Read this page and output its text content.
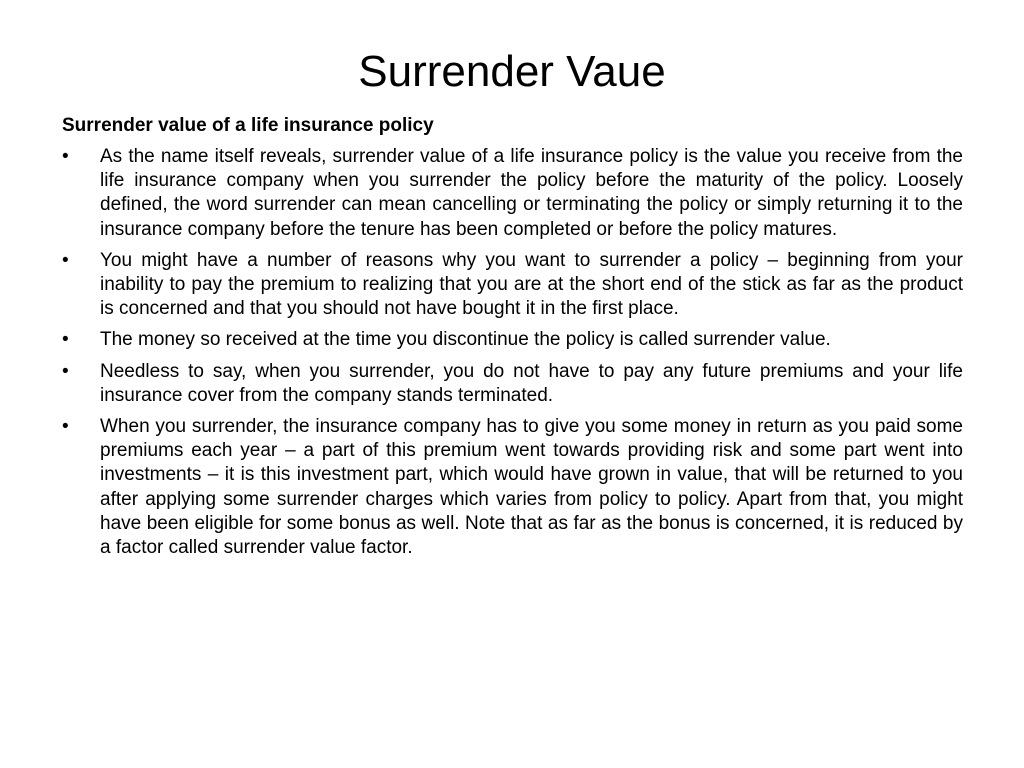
Surrender Vaue
Surrender value of a life insurance policy
• As the name itself reveals, surrender value of a life insurance policy is the value you receive from the life insurance company when you surrender the policy before the maturity of the policy. Loosely defined, the word surrender can mean cancelling or terminating the policy or simply returning it to the insurance company before the tenure has been completed or before the policy matures.
• You might have a number of reasons why you want to surrender a policy – beginning from your inability to pay the premium to realizing that you are at the short end of the stick as far as the product is concerned and that you should not have bought it in the first place.
• The money so received at the time you discontinue the policy is called surrender value.
• Needless to say, when you surrender, you do not have to pay any future premiums and your life insurance cover from the company stands terminated.
• When you surrender, the insurance company has to give you some money in return as you paid some premiums each year – a part of this premium went towards providing risk and some part went into investments – it is this investment part, which would have grown in value, that will be returned to you after applying some surrender charges which varies from policy to policy. Apart from that, you might have been eligible for some bonus as well. Note that as far as the bonus is concerned, it is reduced by a factor called surrender value factor.
